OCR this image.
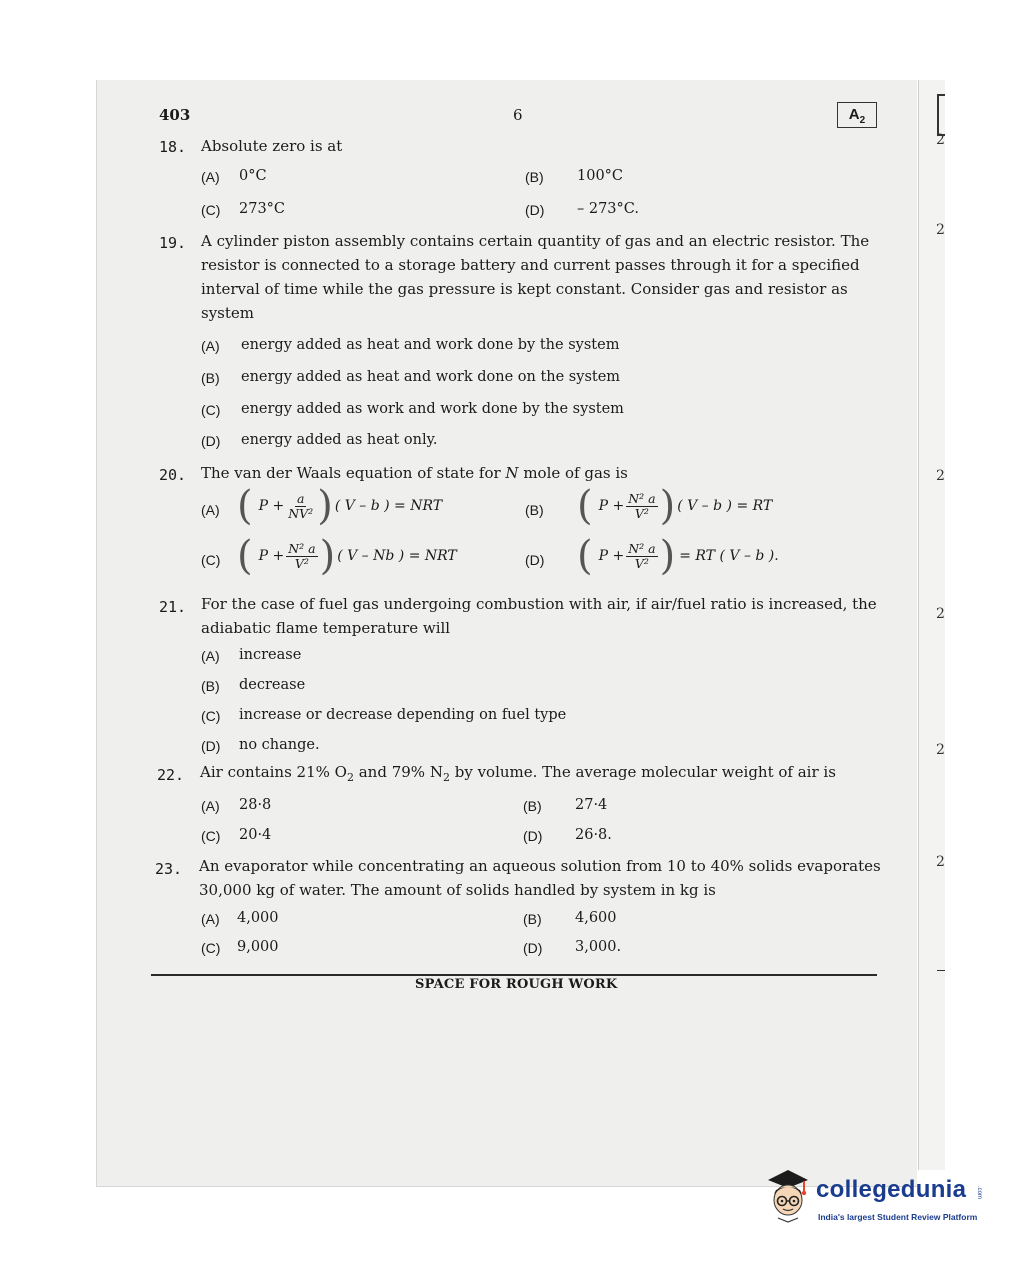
2
2
2
2
2
2
403	6	$A_2$
18. Absolute zero is at
(A) 0°C	(B) 100°C
(C) 273°C	(D) – 273°C.
19. A cylinder piston assembly contains certain quantity of gas and an electric resistor. The resistor is connected to a storage battery and current passes through it for a specified interval of time while the gas pressure is kept constant. Consider gas and resistor as system
(A) energy added as heat and work done by the system
(B) energy added as heat and work done on the system
(C) energy added as work and work done by the system
(D) energy added as heat only.
20. The van der Waals equation of state for N mole of gas is
(A) ( $P + \frac{a}{\text{NV²}}$ ) ( V – b ) = NRT	(B) ( $P + \frac{\text{N² a}}{\text{V²}}$ ) ( V – b ) = RT
(C) ( $P + \frac{\text{N² a}}{\text{V²}}$ ) ( V – Nb ) = NRT	(D) ( $P + \frac{\text{N² a}}{\text{V²}}$ ) = RT ( V – b ).
21. For the case of fuel gas undergoing combustion with air, if air/fuel ratio is increased, the adiabatic flame temperature will
(A) increase
(B) decrease
(C) increase or decrease depending on fuel type
(D) no change.
22. Air contains 21% $O_2$ and 79% $N_2$ by volume. The average molecular weight of air is
(A) 28·8	(B) 27·4
(C) 20·4	(D) 26·8.
23. An evaporator while concentrating an aqueous solution from 10 to 40% solids evaporates 30,000 kg of water. The amount of solids handled by system in kg is
(A) 4,000	(B) 4,600
(C) 9,000	(D) 3,000.
SPACE FOR ROUGH WORK
collegedunia .com
India's largest Student Review Platform
